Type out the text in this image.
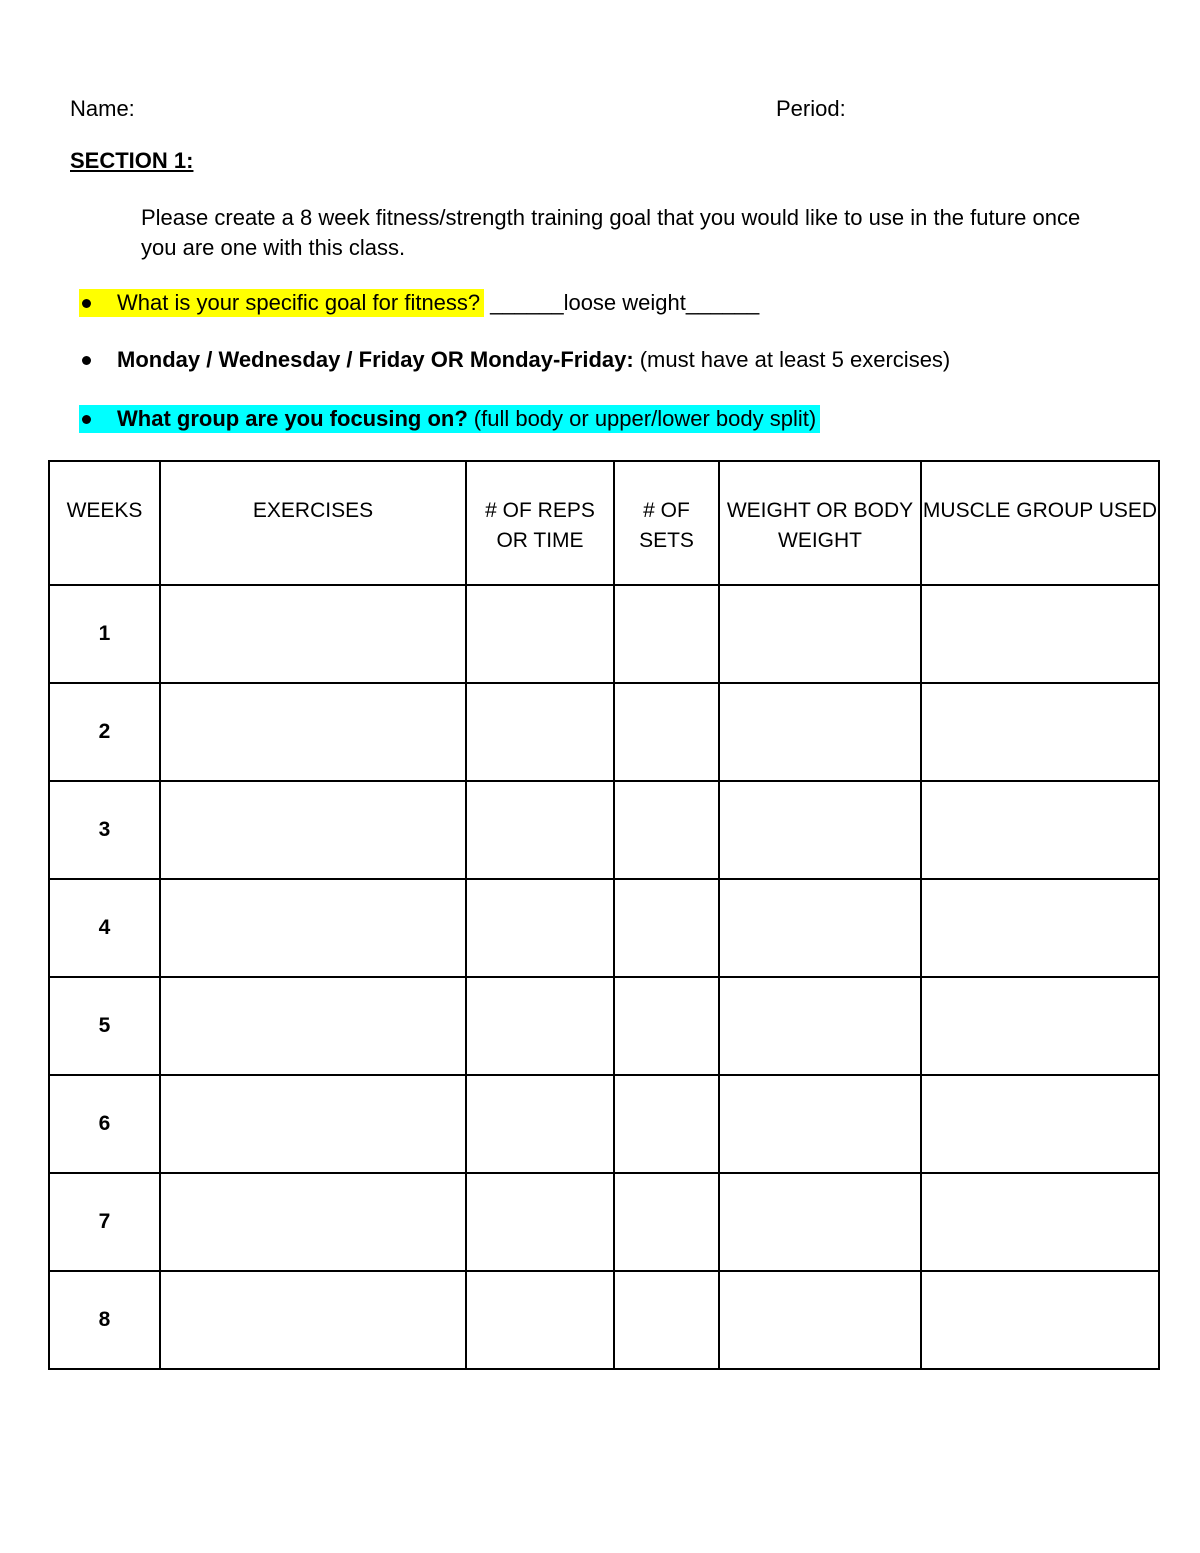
Name:	Period:
SECTION 1:
Please create a 8 week fitness/strength training goal that you would like to use in the future once you are one with this class.
What is your specific goal for fitness? ______loose weight______
Monday / Wednesday / Friday OR Monday-Friday: (must have at least 5 exercises)
What group are you focusing on? (full body or upper/lower body split)
WEEKS	EXERCISES	# OF REPS OR TIME	# OF SETS	WEIGHT OR BODY WEIGHT	MUSCLE GROUP USED
1					
2					
3					
4					
5					
6					
7					
8					
